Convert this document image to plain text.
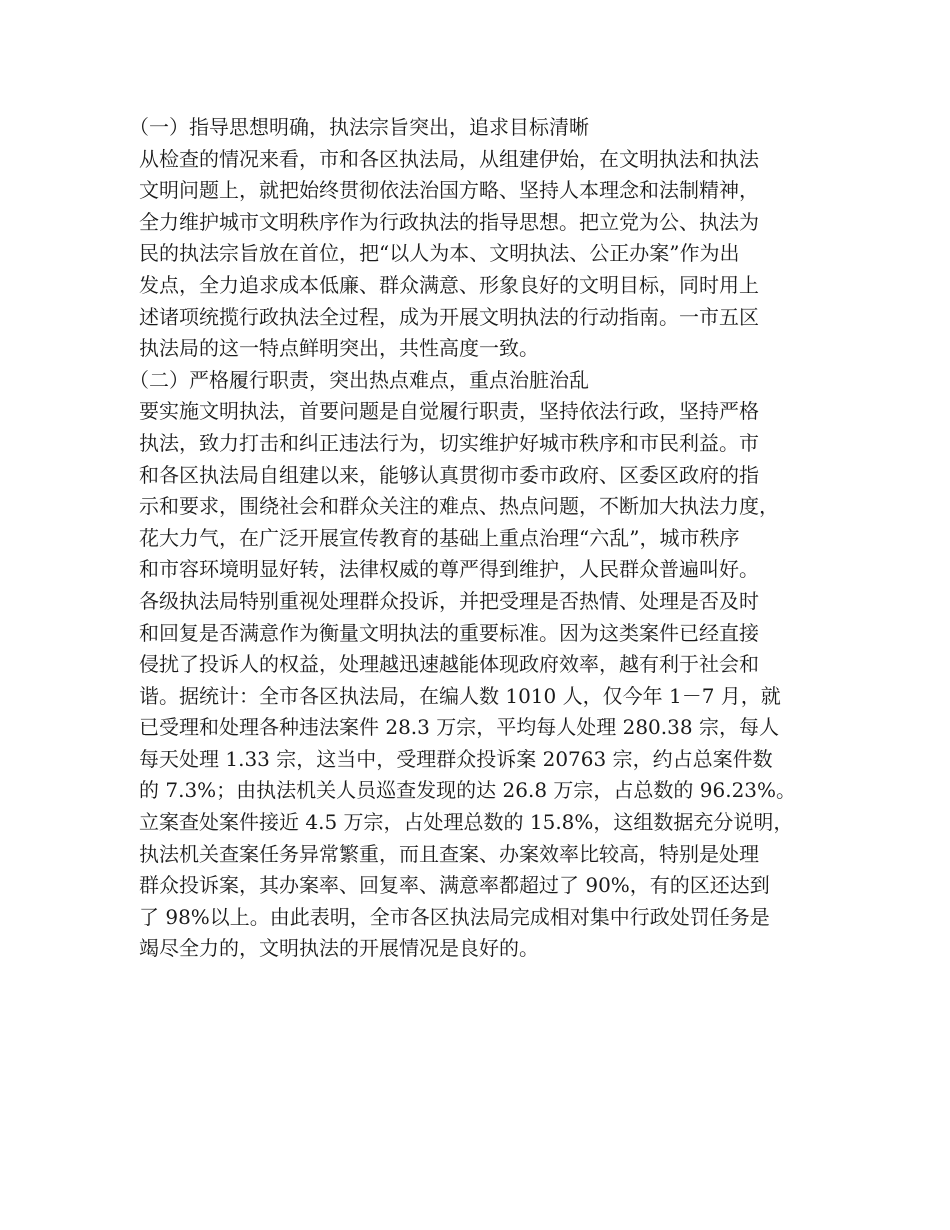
（一）指导思想明确，执法宗旨突出，追求目标清晰
从检查的情况来看，市和各区执法局，从组建伊始，在文明执法和执法
文明问题上，就把始终贯彻依法治国方略、坚持人本理念和法制精神，
全力维护城市文明秩序作为行政执法的指导思想。把立党为公、执法为
民的执法宗旨放在首位，把“以人为本、文明执法、公正办案”作为出
发点，全力追求成本低廉、群众满意、形象良好的文明目标，同时用上
述诸项统揽行政执法全过程，成为开展文明执法的行动指南。一市五区
执法局的这一特点鲜明突出，共性高度一致。
（二）严格履行职责，突出热点难点，重点治脏治乱
要实施文明执法，首要问题是自觉履行职责，坚持依法行政，坚持严格
执法，致力打击和纠正违法行为，切实维护好城市秩序和市民利益。市
和各区执法局自组建以来，能够认真贯彻市委市政府、区委区政府的指
示和要求，围绕社会和群众关注的难点、热点问题，不断加大执法力度，
花大力气，在广泛开展宣传教育的基础上重点治理“六乱”，城市秩序
和市容环境明显好转，法律权威的尊严得到维护，人民群众普遍叫好。
各级执法局特别重视处理群众投诉，并把受理是否热情、处理是否及时
和回复是否满意作为衡量文明执法的重要标准。因为这类案件已经直接
侵扰了投诉人的权益，处理越迅速越能体现政府效率，越有利于社会和
谐。据统计：全市各区执法局，在编人数 1010 人，仅今年 1－7 月，就
已受理和处理各种违法案件 28.3 万宗，平均每人处理 280.38 宗，每人
每天处理 1.33 宗，这当中，受理群众投诉案 20763 宗，约占总案件数
的 7.3%；由执法机关人员巡查发现的达 26.8 万宗，占总数的 96.23%。
立案查处案件接近 4.5 万宗，占处理总数的 15.8%，这组数据充分说明，
执法机关查案任务异常繁重，而且查案、办案效率比较高，特别是处理
群众投诉案，其办案率、回复率、满意率都超过了 90%，有的区还达到
了 98%以上。由此表明，全市各区执法局完成相对集中行政处罚任务是
竭尽全力的，文明执法的开展情况是良好的。
